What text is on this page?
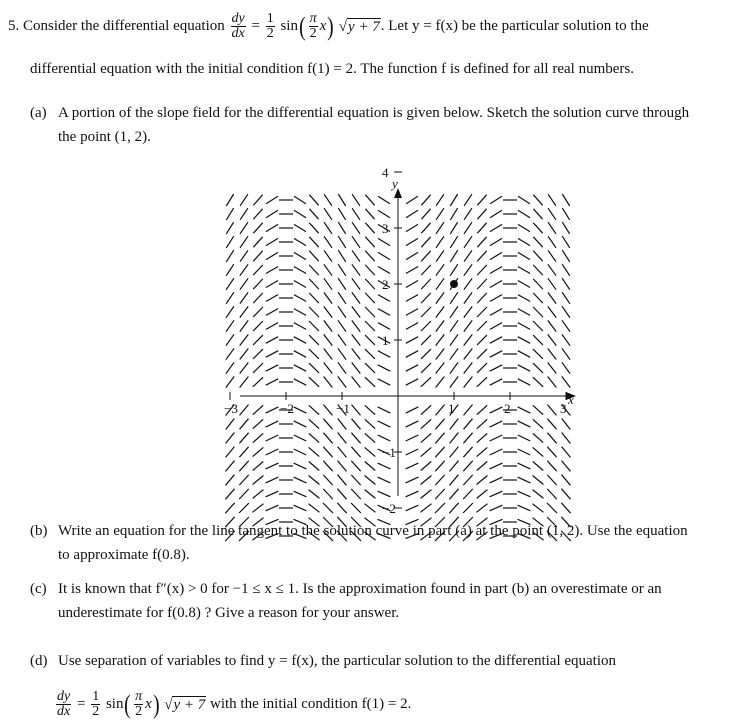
5. Consider the differential equation $\frac{dy}{dx} = \frac{1}{2} \sin( \frac{\pi}{2} x) √y + 7$. Let y = f(x) be the particular solution to the
differential equation with the initial condition f(1) = 2. The function f is defined for all real numbers.
(a) A portion of the slope field for the differential equation is given below. Sketch the solution curve through
the point (1, 2).
x
y
−3	−2	−1	1	2	3
4
3
2
1
−1
−2
(b) Write an equation for the line tangent to the solution curve in part (a) at the point (1, 2). Use the equation
to approximate f(0.8).
(c) It is known that f″(x) > 0 for −1 ≤ x ≤ 1. Is the approximation found in part (b) an overestimate or an
underestimate for f(0.8) ? Give a reason for your answer.
(d) Use separation of variables to find y = f(x), the particular solution to the differential equation
$\frac{dy}{dx} = \frac{1}{2} \sin( \frac{\pi}{2} x) √y + 7$ with the initial condition f(1) = 2.
